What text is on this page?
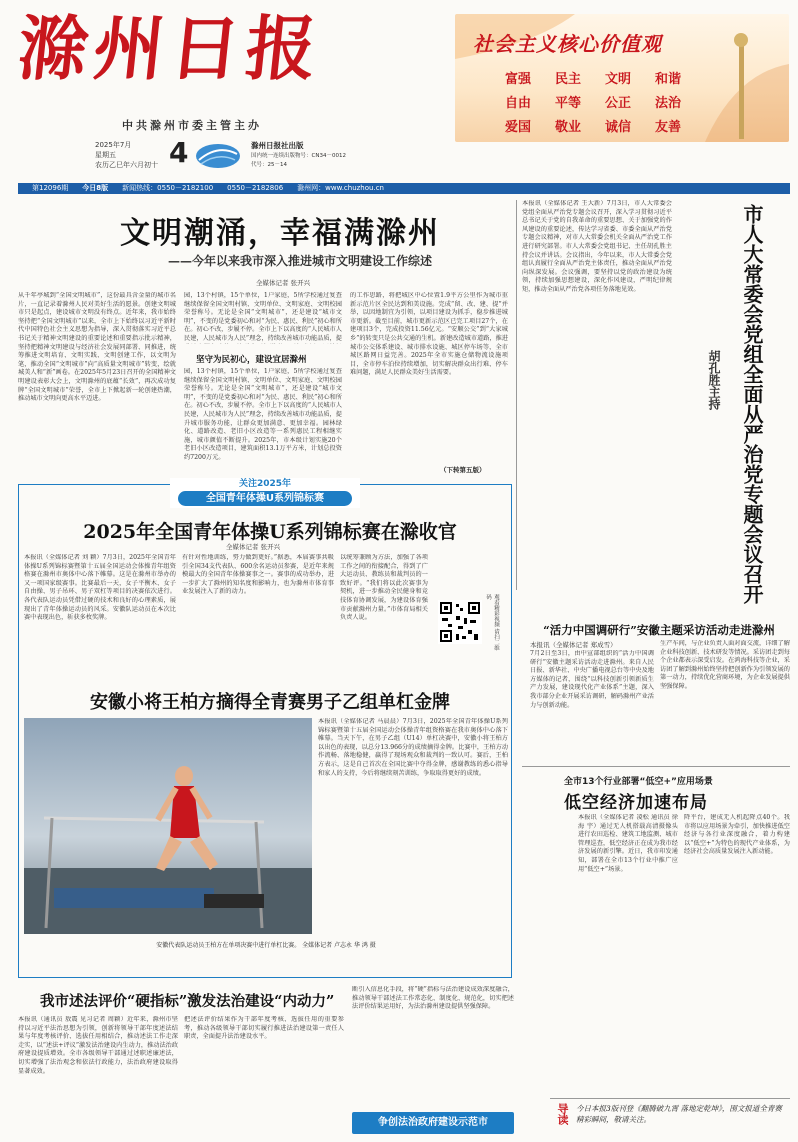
滁州日报
中共滁州市委主管主办
社会主义核心价值观
富强	民主	文明	和谐
自由	平等	公正	法治
爱国	敬业	诚信	友善
2025年7月
星期五
农历乙巳年六月初十 4	滁州日报社出版
国内统一连续出版物号：CN34－0012
代号：25－14
第12096期 今日8版 新闻热线：0550－2182100 0550－2182806 滁州网：www.chuzhou.cn
文明潮涌，幸福满滁州
——今年以来我市深入推进城市文明建设工作综述
全媒体记者 张开兴
从千年亭城到“全国文明城市”，这份最具含金量的城市名片，一直记录着滁州人民对美好生活的愿景。创建文明城市只是起点，建设城市文明没有终点。近年来，我市始终坚持把“全国文明城市”以来，全市上下始终以习近平新时代中国特色社会主义思想为指导，深入贯彻落实习近平总书记关于精神文明建设的重要论述和重要指示批示精神，坚持把精神文明建设与经济社会发展同部署、同推进，统筹推进文明培育、文明实践、文明创建工作，以文明为笔，推动全国“文明城市”向“高质量文明城市”转变，绘就城美人和“新”画卷。在2025年5月23日召开的全国精神文明建设表彰大会上，文明滁州的底蕴“长效”，再次成功复牌“全国文明城市”荣誉，全市上下掀起新一轮创建热潮，推动城市文明向更高水平迈进。
园，13个村镇，15个单位，1户家庭，5所学校通过复查继续保留全国文明村镇、文明单位、文明家庭、文明校园荣誉称号。无论是全国“文明城市”，还是建设“城市文明”，不变的是党委初心和对“为民、惠民、利民”初心和所在。初心不改，步履不停。全市上下以高度的“人民城市人民建，人民城市为人民”理念，持续改善城市功能品质，提
坚守为民初心，建设宜居滁州
园，13个村镇，15个单位，1户家庭，5所学校通过复查继续保留全国文明村镇、文明单位、文明家庭、文明校园荣誉称号。无论是全国“文明城市”，还是建设“城市文明”，不变的是党委初心和对“为民、惠民、利民”初心和所在。初心不改，步履不停。全市上下以高度的“人民城市人民建，人民城市为人民”理念，持续改善城市功能品质，提升城市服务功能，让群众更加满意、更加幸福。园林绿化、道路改造、老旧小区改造等一系列惠民工程相继实施，城市颜值不断提升。2025年，市本级计划实施20个老旧小区改造项目，建筑面积13.1万平方米，计划总投资约7200万元。
的工作思路，将把城区中心位置1.9平方公里作为城市重新示范片区全民达到和美设施。完成“留、改、建、提”并举，以因地制宜为引领，以项目建设为抓手，稳步推进城市更新。截至目前，城市更新示范区已完工项目27个，在建项目3个，完成投资11.56亿元。“安顺公交”到“大家城乡”的转变只是公共交通的生机。新建改造城市道路，推进城市公交体系建设、城市排水设施、城区停车场等，全市城区路网日益完善。2025年全市实施仓储物流设施项目，全市停车泊位持续增加，切实解决群众出行难、停车难问题，满足人民群众美好生活需要。
（下转第五版）
本报讯（全媒体记者 王大新）7月3日，市人大常委会党组全面从严治党专题会议召开，深入学习贯彻习近平总书记关于党的自我革命的重要思想、关于加强党的作风建设的重要论述，传达学习省委、市委全面从严治党专题会议精神，对市人大常委会机关全面从严治党工作进行研究部署。市人大常委会党组书记、主任胡孔胜主持会议并讲话。会议指出，今年以来，市人大常委会党组认真履行全面从严治党主体责任，推动全面从严治党向纵深发展。会议强调，要坚持以党的政治建设为统领，持续加强思想建设，深化作风建设，严明纪律规矩，推动全面从严治党各项任务落地见效。	市人大常委会党组全面从严治党专题会议召开
胡孔胜主持
关注2025年
全国青年体操U系列锦标赛
2025年全国青年体操U系列锦标赛在滁收官
全媒体记者 张开兴
本报讯（全媒体记者 刘 颖）7月3日，2025年全国青年体操U系列锦标赛暨第十五届全国运动会体操青年组资格赛在滁州市奥体中心落下帷幕。这是在滁州市举办的又一项国家级赛事。比赛最后一天，女子平衡木、女子自由操、男子吊环、男子双杠等项目的决赛依次进行。各代表队运动员凭借过硬的技术和良好的心理素质，展现出了青年体操运动员的风采。安徽队运动员在本次比赛中表现出色，斩获多枚奖牌。
有针对性地训练，努力做到更好。”据悉，本届赛事共吸引全国34支代表队、600余名运动员参赛，是近年来规模最大的全国青年体操赛事之一。赛事的成功举办，进一步扩大了滁州的知名度和影响力，也为滁州市体育事业发展注入了新的动力。
以统筹兼顾为方法，加强了各项工作之间的衔接配合，得到了广大运动员、教练员和裁判员的一致好评。“我们将以此次赛事为契机，进一步推动全民健身和竞技体育协调发展，为建设体育强市贡献滁州力量。”市体育局相关负责人说。	观看精彩视频 请扫二维码
安徽小将王柏方摘得全青赛男子乙组单杠金牌
本报讯（全媒体记者 马晨晨）7月3日，2025年全国青年体操U系列锦标赛暨第十五届全国运动会体操青年组资格赛在我市奥体中心落下帷幕。当天下午，在男子乙组（U14）单杠决赛中，安徽小将王柏方以出色的表现，以总分13.966分的成绩摘得金牌。比赛中，王柏方动作流畅、落地稳健，赢得了现场观众和裁判的一致认可。赛后，王柏方表示，这是自己首次在全国比赛中夺得金牌，感谢教练的悉心指导和家人的支持，今后将继续刻苦训练，争取取得更好的成绩。
安徽代表队运动员王柏方在单项决赛中进行单杠比赛。 全媒体记者 卢志永 华 鸿 摄
“活力中国调研行”安徽主题采访活动走进滁州
本报讯（全媒体记者 郑成雪）
7月2日至3日，由中宣部组织的“活力中国调研行”安徽主题采访活动走进滁州。来自人民日报、新华社、中央广播电视总台等中央及地方媒体的记者，围绕“以科技创新引领新质生产力发展，建设现代化产业体系”主题，深入我市部分企业开展采访调研，解码滁州产业活力与创新动能。
生产车间，与企业负责人面对面交流，详细了解企业科技创新、技术研发等情况。采访团走到每个企业都表示深受启发。在鸿海科技等企业，采访团了解到滁州始终坚持把创新作为引领发展的第一动力，持续优化营商环境，为企业发展提供坚强保障。
全市13个行业部署“低空+”应用场景
低空经济加速布局
本报讯（全媒体记者 凌松 通讯员 徐海 宇）通过无人机搭载高清摄像头进行农田巡检、建筑工地监测、城市管理巡查，低空经济正在成为我市经济发展的新引擎。近日，我市印发通知，部署在全市13个行业中推广应用“低空+”场景。
降平台，建成无人机起降点40个。我市将以应用场景为牵引，加快推进低空经济与各行业深度融合，着力构建以“低空+”为特色的现代产业体系，为经济社会高质量发展注入新动能。
我市述法评价“硬指标”激发法治建设“内动力”
本报讯（通讯员 敖震 见习记者 周颖）近年来，滁州市坚持以习近平法治思想为引领，创新将领导干部年度述法结果与年度考核评价、选拔任用相结合，推动述法工作走深走实，以“述法+评议”激发法治建设内生动力，推动法治政府建设提质增效。全市各级领导干部通过述职述廉述法，切实增强了法治观念和依法行政能力，法治政府建设取得显著成效。
把述法评价结果作为干部年度考核、选拔任用的重要参考，推动各级领导干部切实履行推进法治建设第一责任人职责，全面提升法治建设水平。
断引入信息化手段，将“硬”指标与法治建设成效深度融合，推动领导干部述法工作常态化、制度化、规范化，切实把述法评价结果运用好，为法治滁州建设提供坚强保障。
争创法治政府建设示范市	导读 今日本报3版刊登《翻腾破九霄 落地定乾坤》，围文报道全青赛精彩瞬间，敬请关注。
